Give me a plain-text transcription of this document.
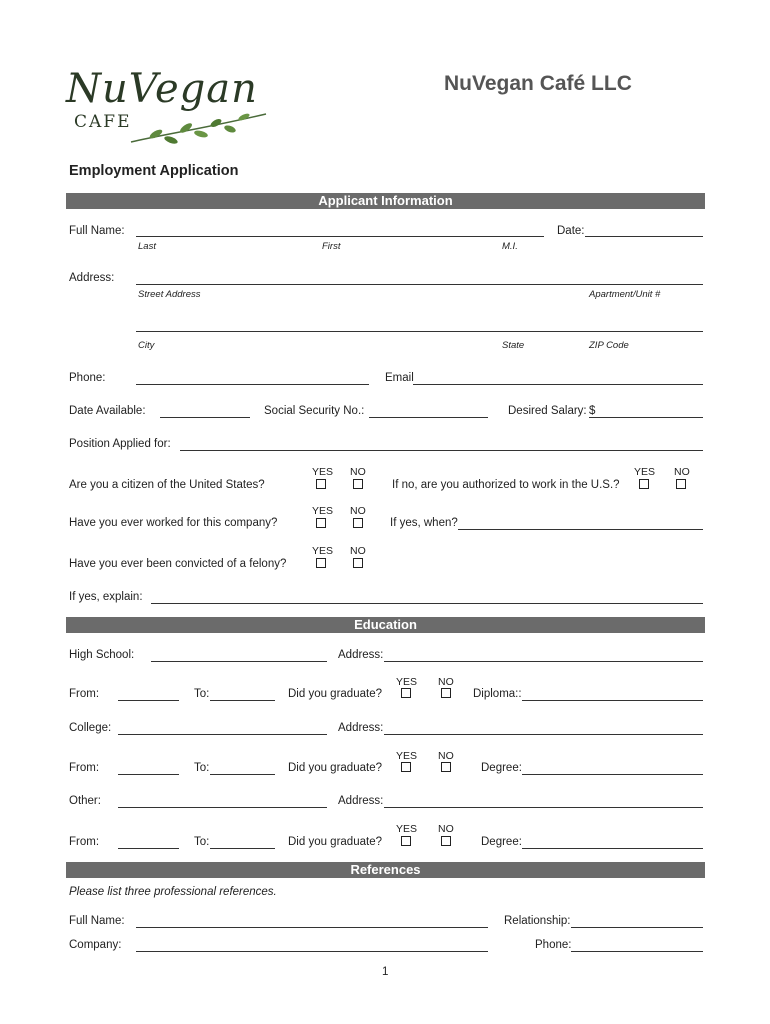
NuVegan
CAFE
NuVegan Café LLC
Employment Application
Applicant Information
Full Name:
Last	First	M.I.
Date:
Address:
Street Address	Apartment/Unit #
City	State	ZIP Code
Phone:	Email
Date Available:	Social Security No.:	Desired Salary: $
Position Applied for:
YES NO
Are you a citizen of the United States?
YES NO
If no, are you authorized to work in the U.S.?
YES NO
Have you ever worked for this company?	If yes, when?
YES NO
Have you ever been convicted of a felony?
If yes, explain:
Education
High School:	Address:
YES NO
From:	To:	Did you graduate?	Diploma::
College:	Address:
YES NO
From:	To:	Did you graduate?	Degree:
Other:	Address:
YES NO
From:	To:	Did you graduate?	Degree:
References
Please list three professional references.
Full Name:	Relationship:
Company:	Phone:
1
